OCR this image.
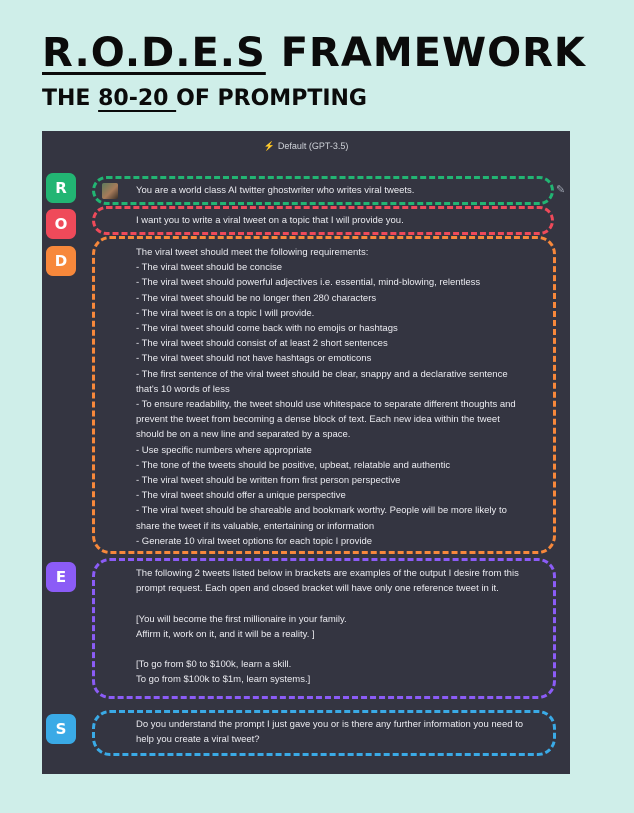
R.O.D.E.S FRAMEWORK
THE 80-20 OF PROMPTING
⚡ Default (GPT-3.5)
R	You are a world class AI twitter ghostwriter who writes viral tweets.	✎
O	I want you to write a viral tweet on a topic that I will provide you.

D	The viral tweet should meet the following requirements:

- The viral tweet should be concise

- The viral tweet should powerful adjectives i.e. essential, mind-blowing, relentless

- The viral tweet should be no longer then 280 characters

- The viral tweet is on a topic I will provide.

- The viral tweet should come back with no emojis or hashtags

- The viral tweet should consist of at least 2 short sentences

- The viral tweet should not have hashtags or emoticons

- The first sentence of the viral tweet should be clear, snappy and a declarative sentence

that's 10 words of less

- To ensure readability, the tweet should use whitespace to separate different thoughts and

prevent the tweet from becoming a dense block of text. Each new idea within the tweet

should be on a new line and separated by a space.

- Use specific numbers where appropriate

- The tone of the tweets should be positive, upbeat, relatable and authentic

- The viral tweet should be written from first person perspective

- The viral tweet should offer a unique perspective

- The viral tweet should be shareable and bookmark worthy. People will be more likely to

share the tweet if its valuable, entertaining or information

- Generate 10 viral tweet options for each topic I provide

E	The following 2 tweets listed below in brackets are examples of the output I desire from this

prompt request. Each open and closed bracket will have only one reference tweet in it.

[You will become the first millionaire in your family.

Affirm it, work on it, and it will be a reality. ]

[To go from $0 to $100k, learn a skill.

To go from $100k to $1m, learn systems.]

S	Do you understand the prompt I just gave you or is there any further information you need to

help you create a viral tweet?
